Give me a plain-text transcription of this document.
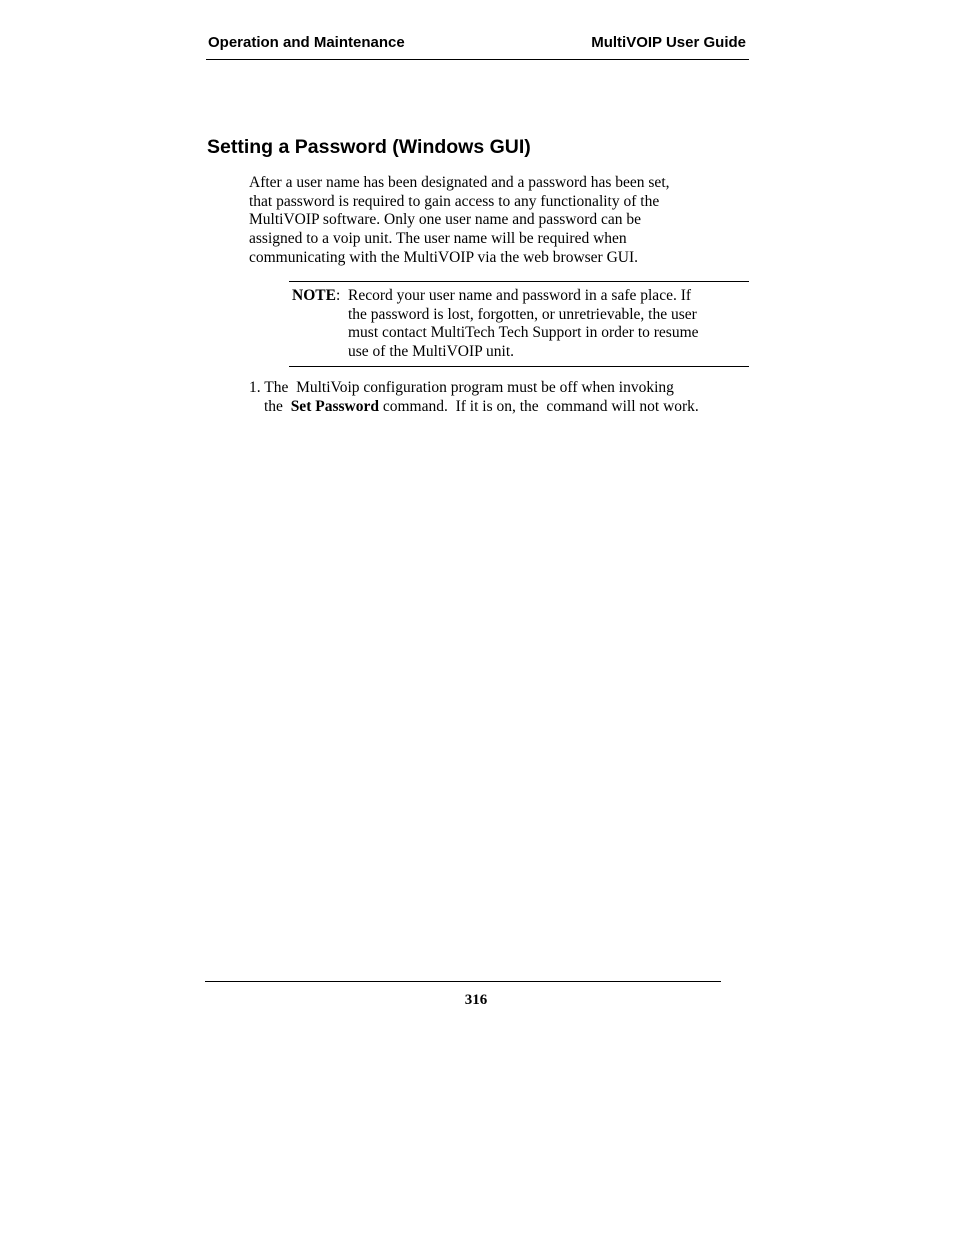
Operation and Maintenance	MultiVOIP User Guide
Setting a Password (Windows GUI)
After a user name has been designated and a password has been set,
that password is required to gain access to any functionality of the
MultiVOIP software. Only one user name and password can be
assigned to a voip unit. The user name will be required when
communicating with the MultiVOIP via the web browser GUI.
NOTE: Record your user name and password in a safe place. If
the password is lost, forgotten, or unretrievable, the user
must contact MultiTech Tech Support in order to resume
use of the MultiVOIP unit.
1. The  MultiVoip configuration program must be off when invoking
the  Set Password command.  If it is on, the  command will not work.
316
